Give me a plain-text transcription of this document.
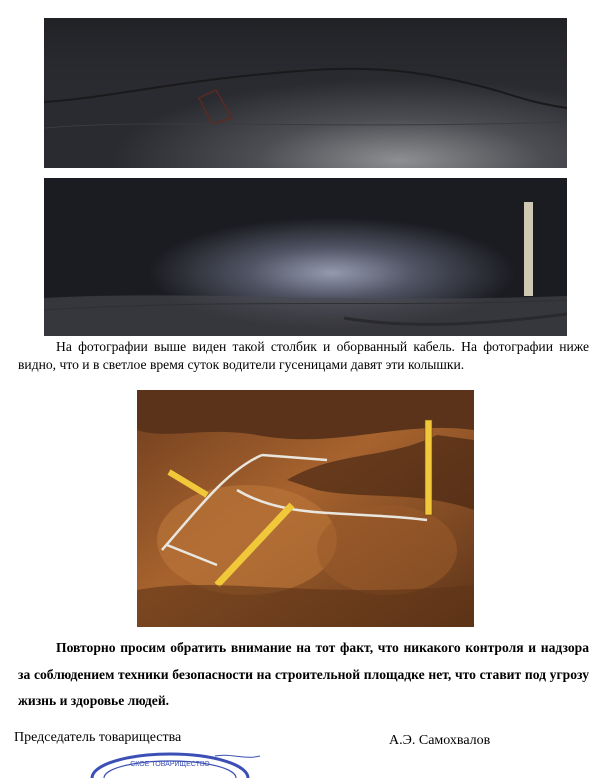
На фотографии выше виден такой столбик и оборванный кабель. На фотографии ниже видно, что и в светлое время суток водители гусеницами давят эти колышки.

Повторно просим обратить внимание на тот факт, что никакого контроля и надзора за соблюдением техники безопасности на строительной площадке нет, что ставит под угрозу жизнь и здоровье людей.

Председатель товарищества
СКОЕ ТОВАРИЩЕСТВО
А.Э. Самохвалов
